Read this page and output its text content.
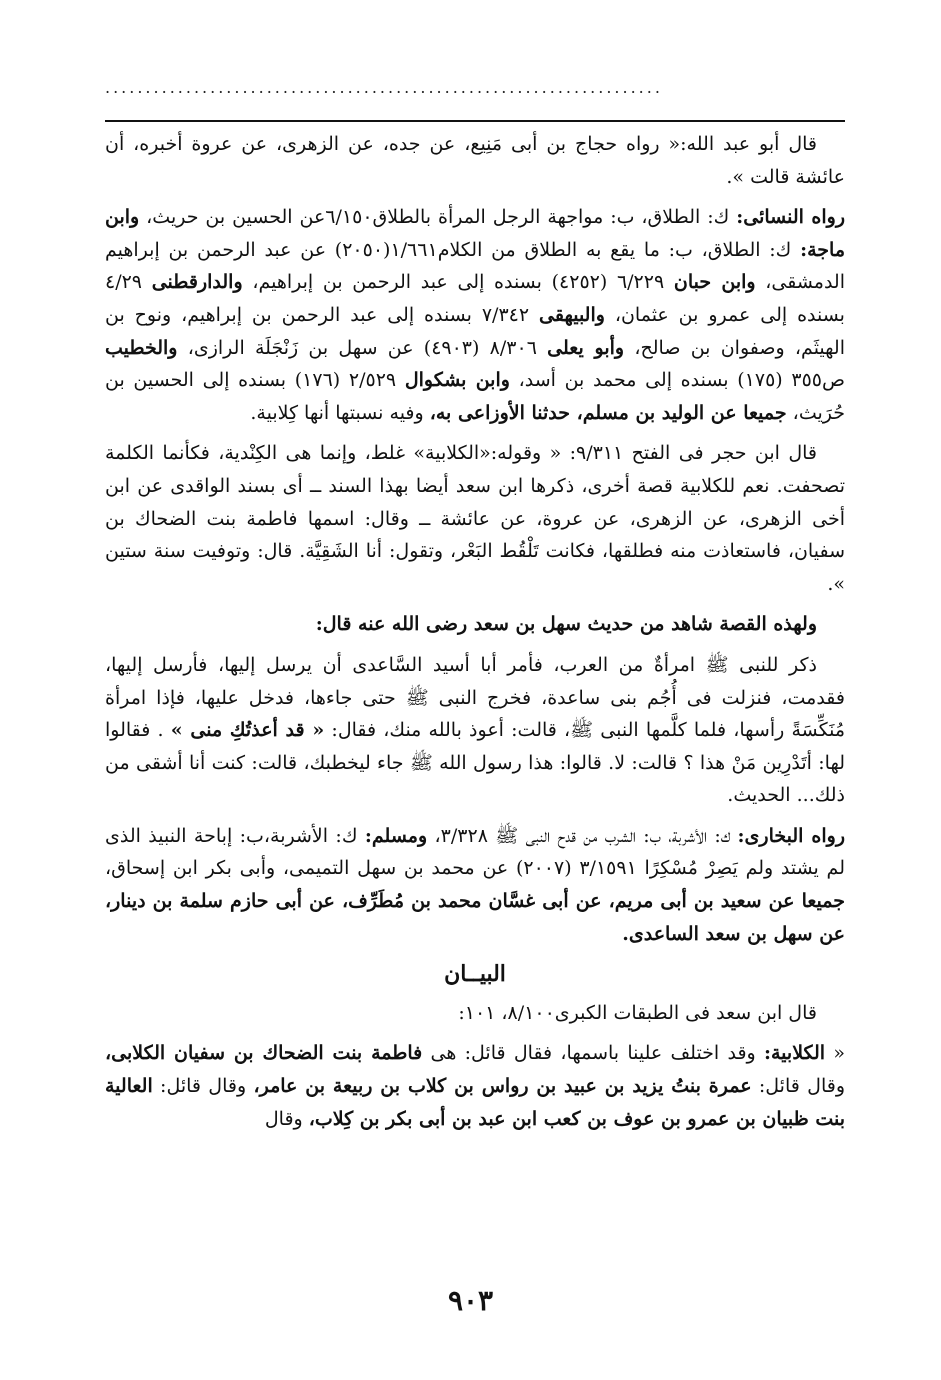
.....................................................................

قال أبو عبد الله:« رواه حجاج بن أبى مَنِيع، عن جده، عن الزهرى، عن عروة أخبره، أن عائشة قالت ».

رواه النسائى: ك: الطلاق، ب: مواجهة الرجل المرأة بالطلاق٦/١٥٠عن الحسين بن حريث، وابن ماجة: ك: الطلاق، ب: ما يقع به الطلاق من الكلام١/٦٦١(٢٠٥٠) عن عبد الرحمن بن إبراهيم الدمشقى، وابن حبان ٦/٢٢٩ (٤٢٥٢) بسنده إلى عبد الرحمن بن إبراهيم، والدارقطنى ٤/٢٩ بسنده إلى عمرو بن عثمان، والبيهقى ٧/٣٤٢ بسنده إلى عبد الرحمن بن إبراهيم، ونوح بن الهيثَم، وصفوان بن صالح، وأبو يعلى ٨/٣٠٦ (٤٩٠٣) عن سهل بن زَنْجَلَة الرازى، والخطيب ص٣٥٥ (١٧٥) بسنده إلى محمد بن أسد، وابن بشكوال ٢/٥٢٩ (١٧٦) بسنده إلى الحسين بن حُرَيث، جميعا عن الوليد بن مسلم، حدثنا الأوزاعى به، وفيه نسبتها أنها كِلابية.

قال ابن حجر فى الفتح ٩/٣١١: « وقوله:«الكلابية» غلط، وإنما هى الكِنْدية، فكأنما الكلمة تصحفت. نعم للكلابية قصة أخرى، ذكرها ابن سعد أيضا بهذا السند ــ أى بسند الواقدى عن ابن أخى الزهرى، عن الزهرى، عن عروة، عن عائشة ــ وقال: اسمها فاطمة بنت الضحاك بن سفيان، فاستعاذت منه فطلقها، فكانت تَلْقُط البَعْر، وتقول: أنا الشَقِيَّة. قال: وتوفيت سنة ستين ».

ولهذه القصة شاهد من حديث سهل بن سعد رضى الله عنه قال:

ذكر للنبى ﷺ امرأةٌ من العرب، فأمر أبا أسيد السَّاعدى أن يرسل إليها، فأرسل إليها، فقدمت، فنزلت فى أُجُم بنى ساعدة، فخرج النبى ﷺ حتى جاءها، فدخل عليها، فإذا امرأة مُنَكِّسَةً رأسها، فلما كلَّمها النبى ﷺ، قالت: أعوذ بالله منك، فقال: « قد أعذتُكِ منى » . فقالوا لها: أتَدْرِين مَنْ هذا ؟ قالت: لا. قالوا: هذا رسول الله ﷺ جاء ليخطبك، قالت: كنت أنا أشقى من ذلك... الحديث.

رواه البخارى: ك: الأشربة، ب: الشرب من قدح النبى ﷺ ٣/٣٢٨، ومسلم: ك: الأشربة،ب: إباحة النبيذ الذى لم يشتد ولم يَصِرْ مُسْكِرًا ٣/١٥٩١ (٢٠٠٧) عن محمد بن سهل التميمى، وأبى بكر ابن إسحاق، جميعا عن سعيد بن أبى مريم، عن أبى غسَّان محمد بن مُطَرِّف، عن أبى حازم سلمة بن دينار، عن سهل بن سعد الساعدى.

البيــان

قال ابن سعد فى الطبقات الكبرى٨/١٠٠، ١٠١:

« الكلابية: وقد اختلف علينا باسمها، فقال قائل: هى فاطمة بنت الضحاك بن سفيان الكلابى، وقال قائل: عمرة بنتُ يزيد بن عبيد بن رواس بن كلاب بن ربيعة بن عامر، وقال قائل: العالية بنت ظبيان بن عمرو بن عوف بن كعب ابن عبد بن أبى بكر بن كِلاب، وقال

٩٠٣
